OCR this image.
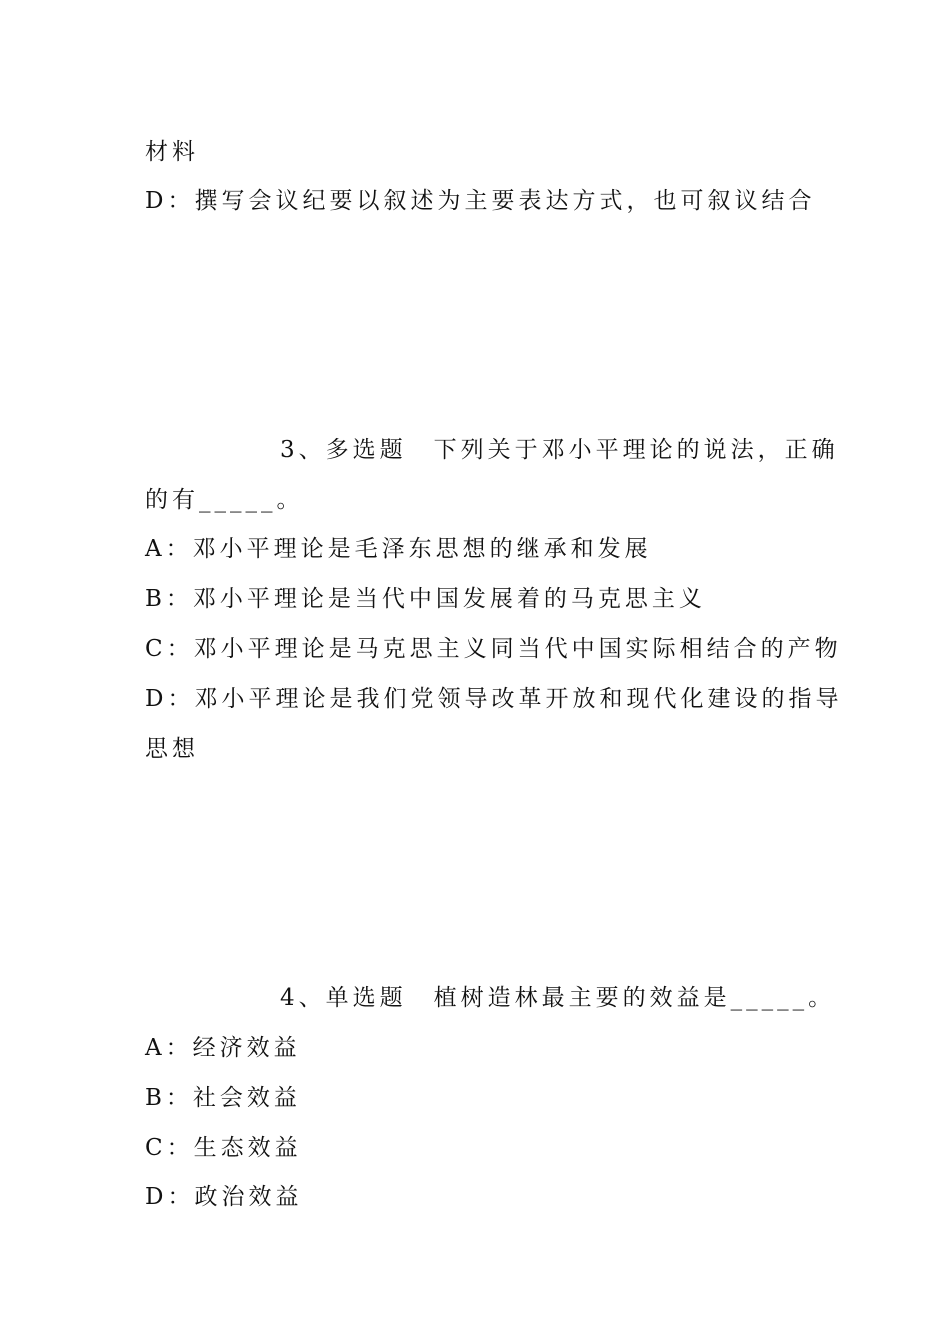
材料
D：撰写会议纪要以叙述为主要表达方式，也可叙议结合
3、多选题　下列关于邓小平理论的说法，正确
的有_____。
A：邓小平理论是毛泽东思想的继承和发展
B：邓小平理论是当代中国发展着的马克思主义
C：邓小平理论是马克思主义同当代中国实际相结合的产物
D：邓小平理论是我们党领导改革开放和现代化建设的指导
思想
4、单选题　植树造林最主要的效益是_____。
A：经济效益
B：社会效益
C：生态效益
D：政治效益
